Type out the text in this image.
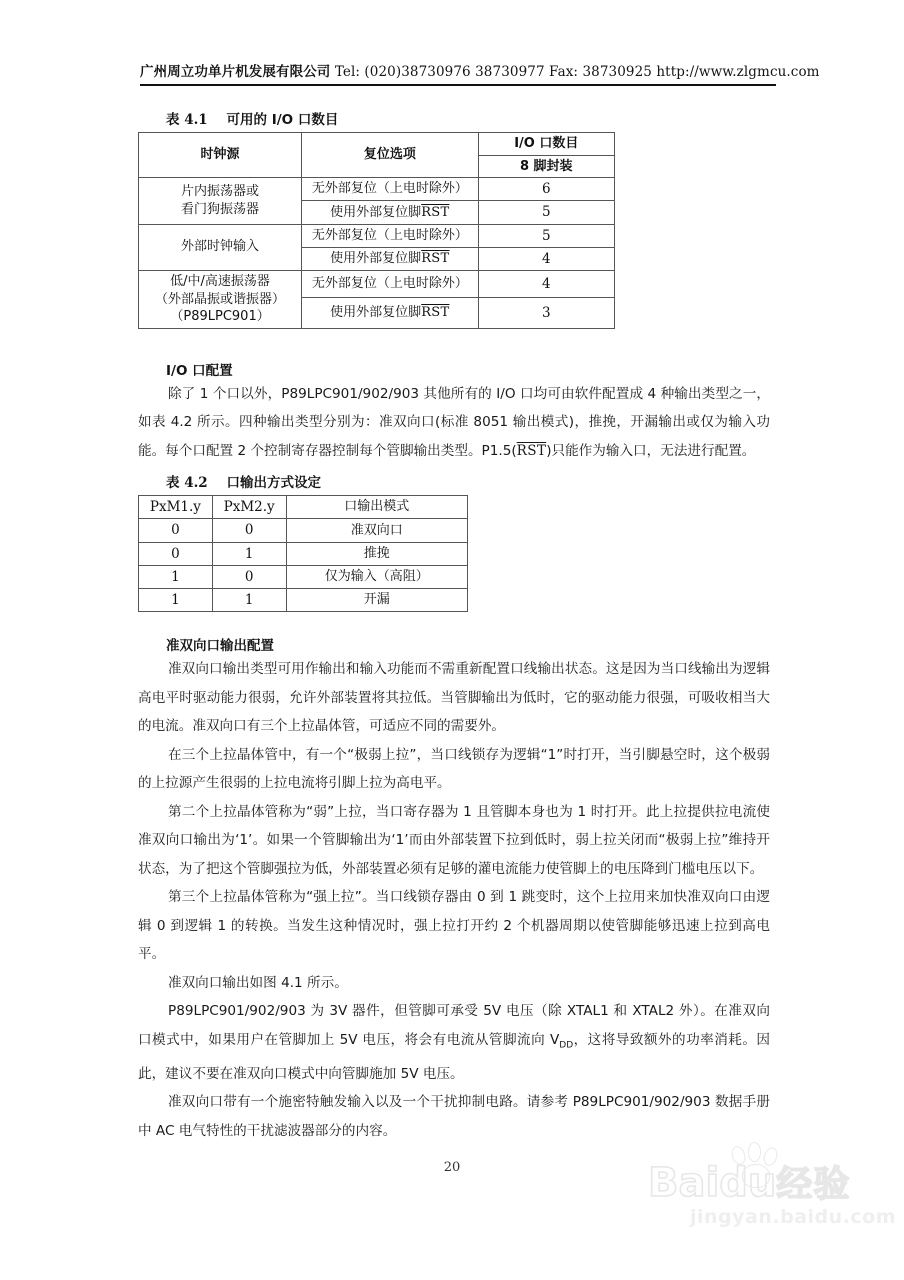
广州周立功单片机发展有限公司 Tel: (020)38730976 38730977 Fax: 38730925 http://www.zlgmcu.com
表 4.1 可用的 I/O 口数目
时钟源	复位选项	I/O 口数目
		8 脚封装
片内振荡器或
看门狗振荡器	无外部复位（上电时除外）	6
	使用外部复位脚$\overline{RST}$	5
外部时钟输入	无外部复位（上电时除外）	5
	使用外部复位脚$\overline{RST}$	4
低/中/高速振荡器
（外部晶振或谐振器）
（P89LPC901）	无外部复位（上电时除外）	4
	使用外部复位脚$\overline{RST}$	3
I/O 口配置

除了 1 个口以外，P89LPC901/902/903 其他所有的 I/O 口均可由软件配置成 4 种输出类型之一，如表 4.2 所示。四种输出类型分别为：准双向口(标准 8051 输出模式)，推挽，开漏输出或仅为输入功能。每个口配置 2 个控制寄存器控制每个管脚输出类型。$P1.5(\overline{RST})$只能作为输入口，无法进行配置。

表 4.2 口输出方式设定
PxM1.y	PxM2.y	口输出模式
0	0	准双向口
0	1	推挽
1	0	仅为输入（高阻）
1	1	开漏
准双向口输出配置

准双向口输出类型可用作输出和输入功能而不需重新配置口线输出状态。这是因为当口线输出为逻辑高电平时驱动能力很弱，允许外部装置将其拉低。当管脚输出为低时，它的驱动能力很强，可吸收相当大的电流。准双向口有三个上拉晶体管，可适应不同的需要外。

在三个上拉晶体管中，有一个“极弱上拉”，当口线锁存为逻辑“1”时打开，当引脚悬空时，这个极弱的上拉源产生很弱的上拉电流将引脚上拉为高电平。

第二个上拉晶体管称为“弱”上拉，当口寄存器为 1 且管脚本身也为 1 时打开。此上拉提供拉电流使准双向口输出为‘1’。如果一个管脚输出为‘1’而由外部装置下拉到低时，弱上拉关闭而“极弱上拉”维持开状态，为了把这个管脚强拉为低，外部装置必须有足够的灌电流能力使管脚上的电压降到门槛电压以下。

第三个上拉晶体管称为“强上拉”。当口线锁存器由 0 到 1 跳变时，这个上拉用来加快准双向口由逻辑 0 到逻辑 1 的转换。当发生这种情况时，强上拉打开约 2 个机器周期以使管脚能够迅速上拉到高电平。

准双向口输出如图 4.1 所示。

P89LPC901/902/903 为 3V 器件，但管脚可承受 5V 电压（除 XTAL1 和 XTAL2 外）。在准双向口模式中，如果用户在管脚加上 5V 电压，将会有电流从管脚流向 $V_{DD}$，这将导致额外的功率消耗。因此，建议不要在准双向口模式中向管脚施加 5V 电压。

准双向口带有一个施密特触发输入以及一个干扰抑制电路。请参考 P89LPC901/902/903 数据手册中 AC 电气特性的干扰滤波器部分的内容。

20	Baidu经验
jingyan.baidu.com
